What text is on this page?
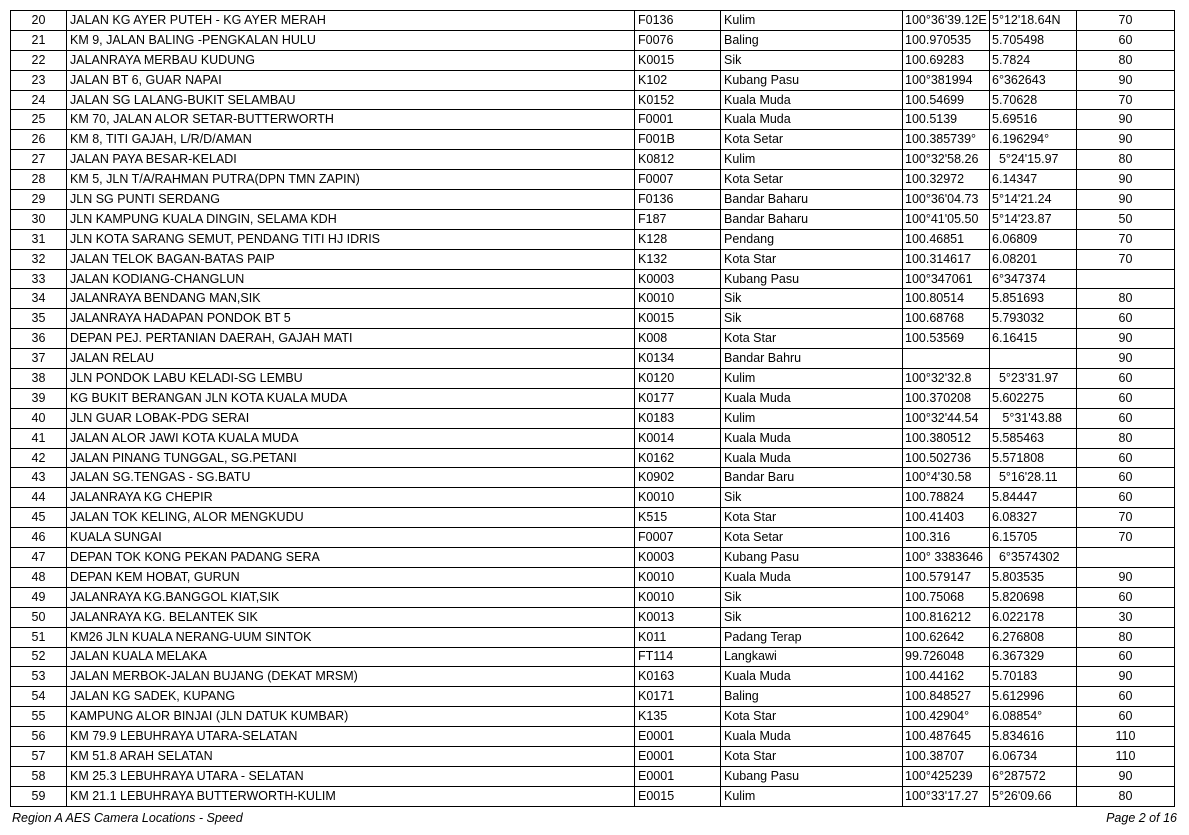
20	JALAN KG AYER PUTEH - KG AYER MERAH	F0136	Kulim	100°36'39.12E	5°12'18.64N	70
21	KM 9, JALAN BALING -PENGKALAN HULU	F0076	Baling	100.970535	5.705498	60
22	JALANRAYA MERBAU KUDUNG	K0015	Sik	100.69283	5.7824	80
23	JALAN BT 6, GUAR NAPAI	K102	Kubang Pasu	100°381994	6°362643	90
24	JALAN SG LALANG-BUKIT SELAMBAU	K0152	Kuala Muda	100.54699	5.70628	70
25	KM 70, JALAN ALOR SETAR-BUTTERWORTH	F0001	Kuala Muda	100.5139	5.69516	90
26	KM 8, TITI GAJAH, L/R/D/AMAN	F001B	Kota Setar	100.385739°	6.196294°	90
27	JALAN PAYA BESAR-KELADI	K0812	Kulim	100°32'58.26	5°24'15.97	80
28	KM 5, JLN T/A/RAHMAN PUTRA(DPN TMN ZAPIN)	F0007	Kota Setar	100.32972	6.14347	90
29	JLN SG PUNTI SERDANG	F0136	Bandar Baharu	100°36'04.73	5°14'21.24	90
30	JLN KAMPUNG KUALA DINGIN, SELAMA KDH	F187	Bandar Baharu	100°41'05.50	5°14'23.87	50
31	JLN KOTA SARANG SEMUT, PENDANG TITI HJ IDRIS	K128	Pendang	100.46851	6.06809	70
32	JALAN TELOK BAGAN-BATAS PAIP	K132	Kota Star	100.314617	6.08201	70
33	JALAN KODIANG-CHANGLUN	K0003	Kubang Pasu	100°347061	6°347374	
34	JALANRAYA BENDANG MAN,SIK	K0010	Sik	100.80514	5.851693	80
35	JALANRAYA HADAPAN PONDOK BT 5	K0015	Sik	100.68768	5.793032	60
36	DEPAN PEJ. PERTANIAN DAERAH, GAJAH MATI	K008	Kota Star	100.53569	6.16415	90
37	JALAN RELAU	K0134	Bandar Bahru			90
38	JLN PONDOK LABU KELADI-SG LEMBU	K0120	Kulim	100°32'32.8	5°23'31.97	60
39	KG BUKIT BERANGAN JLN KOTA KUALA MUDA	K0177	Kuala Muda	100.370208	5.602275	60
40	JLN GUAR LOBAK-PDG SERAI	K0183	Kulim	100°32'44.54	5°31'43.88	60
41	JALAN ALOR JAWI KOTA KUALA MUDA	K0014	Kuala Muda	100.380512	5.585463	80
42	JALAN PINANG TUNGGAL, SG.PETANI	K0162	Kuala Muda	100.502736	5.571808	60
43	JALAN SG.TENGAS - SG.BATU	K0902	Bandar Baru	100°4'30.58	5°16'28.11	60
44	JALANRAYA KG CHEPIR	K0010	Sik	100.78824	5.84447	60
45	JALAN TOK KELING, ALOR MENGKUDU	K515	Kota Star	100.41403	6.08327	70
46	KUALA SUNGAI	F0007	Kota Setar	100.316	6.15705	70
47	DEPAN TOK KONG PEKAN PADANG SERA	K0003	Kubang Pasu	100° 3383646	6°3574302	
48	DEPAN KEM HOBAT, GURUN	K0010	Kuala Muda	100.579147	5.803535	90
49	JALANRAYA KG.BANGGOL KIAT,SIK	K0010	Sik	100.75068	5.820698	60
50	JALANRAYA KG. BELANTEK SIK	K0013	Sik	100.816212	6.022178	30
51	KM26 JLN KUALA NERANG-UUM SINTOK	K011	Padang Terap	100.62642	6.276808	80
52	JALAN KUALA MELAKA	FT114	Langkawi	99.726048	6.367329	60
53	JALAN MERBOK-JALAN BUJANG (DEKAT MRSM)	K0163	Kuala Muda	100.44162	5.70183	90
54	JALAN KG SADEK, KUPANG	K0171	Baling	100.848527	5.612996	60
55	KAMPUNG ALOR BINJAI (JLN DATUK KUMBAR)	K135	Kota Star	100.42904°	6.08854°	60
56	KM 79.9 LEBUHRAYA UTARA-SELATAN	E0001	Kuala Muda	100.487645	5.834616	110
57	KM 51.8 ARAH SELATAN	E0001	Kota Star	100.38707	6.06734	110
58	KM 25.3 LEBUHRAYA UTARA - SELATAN	E0001	Kubang Pasu	100°425239	6°287572	90
59	KM 21.1 LEBUHRAYA BUTTERWORTH-KULIM	E0015	Kulim	100°33'17.27	5°26'09.66	80
Region A AES Camera Locations - Speed	Page 2 of 16
